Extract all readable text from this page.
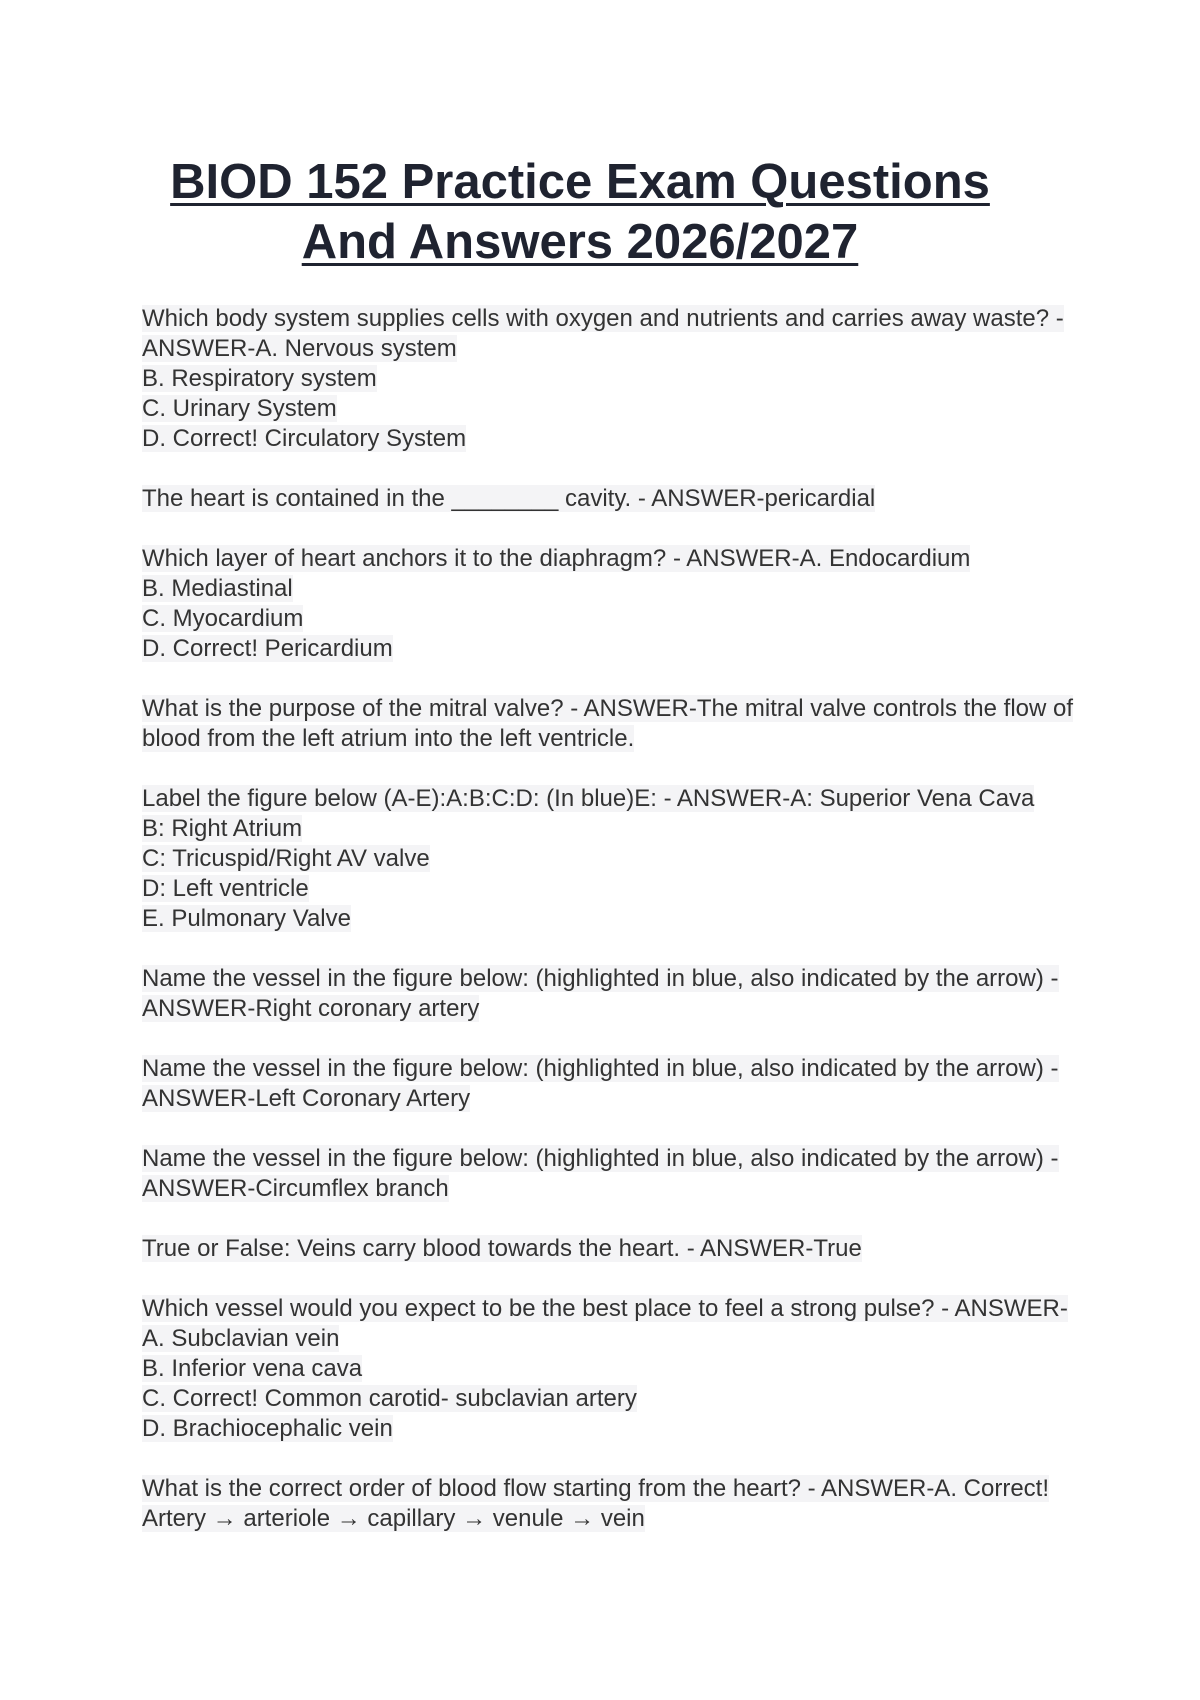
BIOD 152 Practice Exam Questions
And Answers 2026/2027
Which body system supplies cells with oxygen and nutrients and carries away waste? -
ANSWER-A. Nervous system
B. Respiratory system
C. Urinary System
D. Correct! Circulatory System
The heart is contained in the ________ cavity. - ANSWER-pericardial
Which layer of heart anchors it to the diaphragm? - ANSWER-A. Endocardium
B. Mediastinal
C. Myocardium
D. Correct! Pericardium
What is the purpose of the mitral valve? - ANSWER-The mitral valve controls the flow of
blood from the left atrium into the left ventricle.
Label the figure below (A-E):A:B:C:D: (In blue)E: - ANSWER-A: Superior Vena Cava
B: Right Atrium
C: Tricuspid/Right AV valve
D: Left ventricle
E. Pulmonary Valve
Name the vessel in the figure below: (highlighted in blue, also indicated by the arrow) -
ANSWER-Right coronary artery
Name the vessel in the figure below: (highlighted in blue, also indicated by the arrow) -
ANSWER-Left Coronary Artery
Name the vessel in the figure below: (highlighted in blue, also indicated by the arrow) -
ANSWER-Circumflex branch
True or False: Veins carry blood towards the heart. - ANSWER-True
Which vessel would you expect to be the best place to feel a strong pulse? - ANSWER-
A. Subclavian vein
B. Inferior vena cava
C. Correct! Common carotid- subclavian artery
D. Brachiocephalic vein
What is the correct order of blood flow starting from the heart? - ANSWER-A. Correct!
Artery → arteriole → capillary → venule → vein
